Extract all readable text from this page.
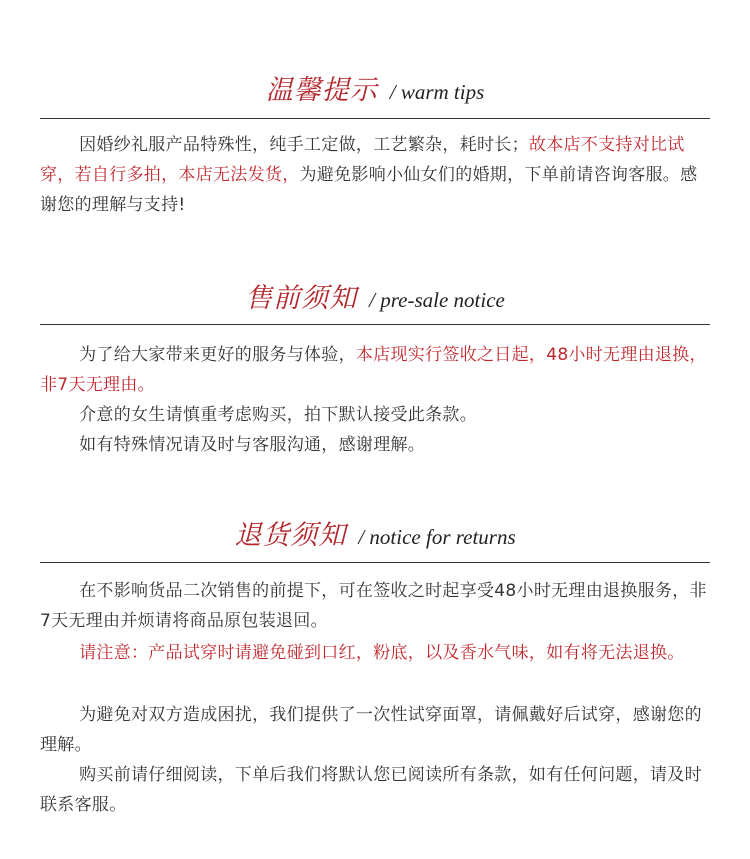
温馨提示 / warm tips
因婚纱礼服产品特殊性，纯手工定做，工艺繁杂，耗时长；故本店不支持对比试穿，若自行多拍，本店无法发货，为避免影响小仙女们的婚期，下单前请咨询客服。感谢您的理解与支持!
售前须知 / pre-sale notice
为了给大家带来更好的服务与体验，本店现实行签收之日起，48小时无理由退换，非7天无理由。
介意的女生请慎重考虑购买，拍下默认接受此条款。
如有特殊情况请及时与客服沟通，感谢理解。
退货须知 / notice for returns
在不影响货品二次销售的前提下，可在签收之时起享受48小时无理由退换服务，非7天无理由并烦请将商品原包装退回。
请注意：产品试穿时请避免碰到口红，粉底，以及香水气味，如有将无法退换。
为避免对双方造成困扰，我们提供了一次性试穿面罩，请佩戴好后试穿，感谢您的理解。
购买前请仔细阅读，下单后我们将默认您已阅读所有条款，如有任何问题，请及时联系客服。
